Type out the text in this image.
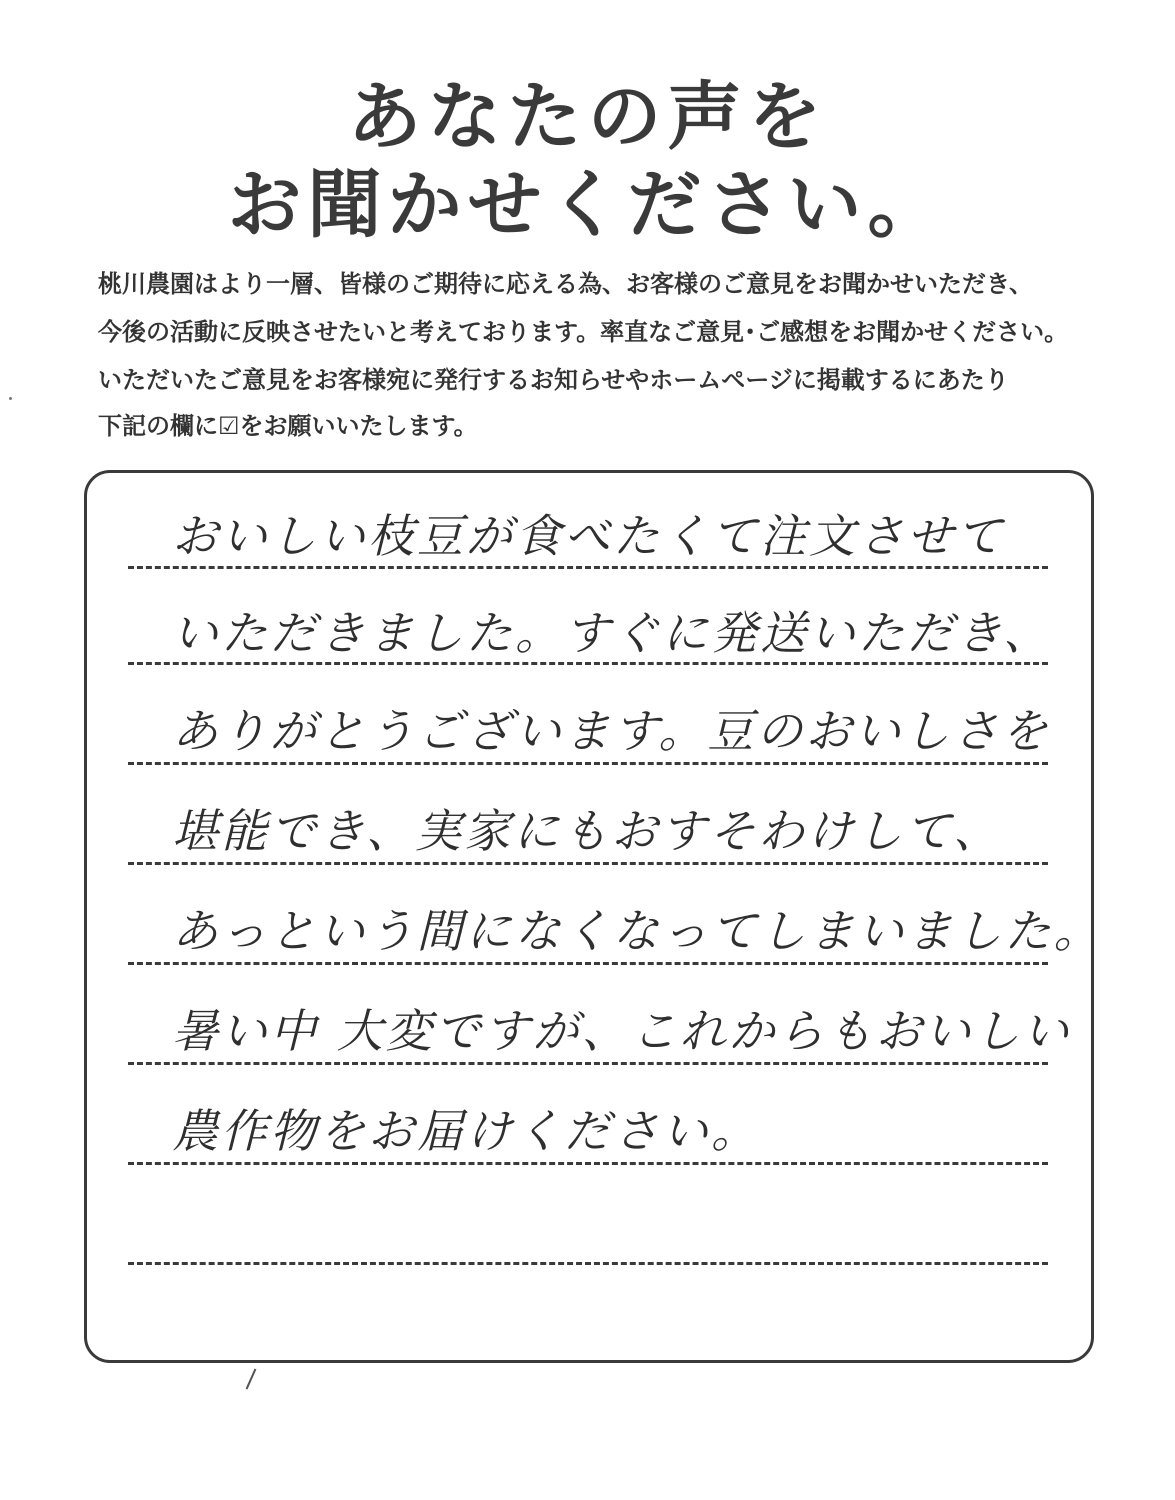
あなたの声を
お聞かせください。
桃川農園はより一層、皆様のご期待に応える為、お客様のご意見をお聞かせいただき、
今後の活動に反映させたいと考えております。率直なご意見･ご感想をお聞かせください。
いただいたご意見をお客様宛に発行するお知らせやホームページに掲載するにあたり
下記の欄に☑をお願いいたします。
おいしい枝豆が食べたくて注文させて
いただきました。すぐに発送いただき、
ありがとうございます。豆のおいしさを
堪能でき、実家にもおすそわけして、
あっという間になくなってしまいました。
暑い中 大変ですが、これからもおいしい
農作物をお届けください。
